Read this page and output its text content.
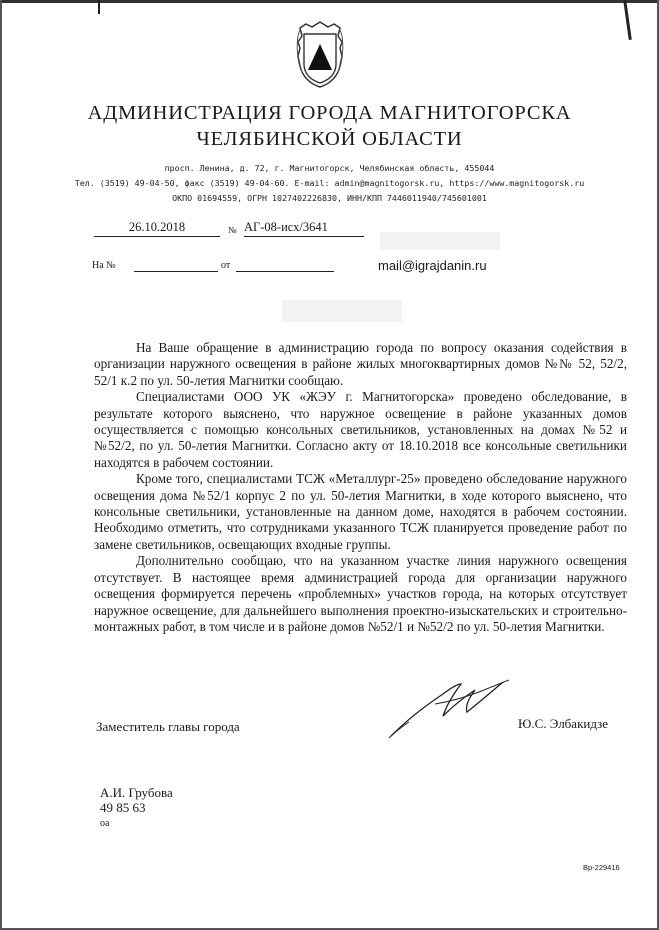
АДМИНИСТРАЦИЯ ГОРОДА МАГНИТОГОРСКА
ЧЕЛЯБИНСКОЙ ОБЛАСТИ
просп. Ленина, д. 72, г. Магнитогорск, Челябинская область, 455044
Тел. (3519) 49-04-50, факс (3519) 49-04-60. E-mail: admin@magnitogorsk.ru, https://www.magnitogorsk.ru
ОКПО 01694559, ОГРН 1027402226830, ИНН/КПП 7446011940/745601001
26.10.2018	№ АГ-08-исх/3641
На №	от	mail@igrajdanin.ru

На Ваше обращение в администрацию города по вопросу оказания содействия в организации наружного освещения в районе жилых многоквартирных домов №№ 52, 52/2, 52/1 к.2 по ул. 50-летия Магнитки сообщаю.

Специалистами ООО УК «ЖЭУ г. Магнитогорска» проведено обследование, в результате которого выяснено, что наружное освещение в районе указанных домов осуществляется с помощью консольных светильников, установленных на домах №52 и №52/2, по ул. 50-летия Магнитки. Согласно акту от 18.10.2018 все консольные светильники находятся в рабочем состоянии.

Кроме того, специалистами ТСЖ «Металлург-25» проведено обследование наружного освещения дома №52/1 корпус 2 по ул. 50-летия Магнитки, в ходе которого выяснено, что консольные светильники, установленные на данном доме, находятся в рабочем состоянии. Необходимо отметить, что сотрудниками указанного ТСЖ планируется проведение работ по замене светильников, освещающих входные группы.

Дополнительно сообщаю, что на указанном участке линия наружного освещения отсутствует. В настоящее время администрацией города для организации наружного освещения формируется перечень «проблемных» участков города, на которых отсутствует наружное освещение, для дальнейшего выполнения проектно-изыскательских и строительно-монтажных работ, в том числе и в районе домов №52/1 и №52/2 по ул. 50-летия Магнитки.

Заместитель главы города	Ю.С. Элбакидзе
А.И. Грубова
49 85 63
оа
Вр-229416
